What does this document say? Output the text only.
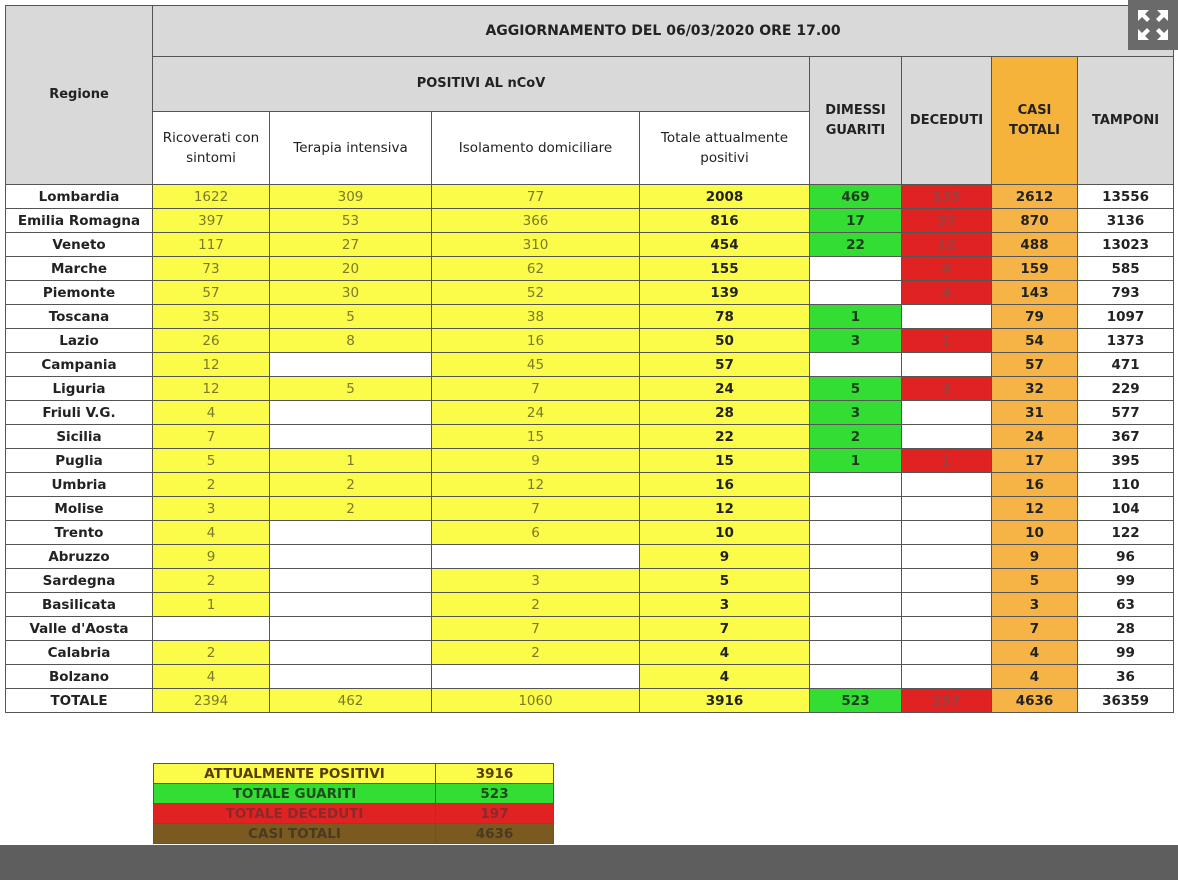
Regione	AGGIORNAMENTO DEL 06/03/2020 ORE 17.00							
	POSITIVI AL nCoV				DIMESSI GUARITI	DECEDUTI	CASI TOTALI	TAMPONI
	Ricoverati con sintomi	Terapia intensiva	Isolamento domiciliare	Totale attualmente positivi				
Lombardia	1622	309	77	2008	469	135	2612	13556
Emilia Romagna	397	53	366	816	17	37	870	3136
Veneto	117	27	310	454	22	12	488	13023
Marche	73	20	62	155		4	159	585
Piemonte	57	30	52	139		4	143	793
Toscana	35	5	38	78	1		79	1097
Lazio	26	8	16	50	3	1	54	1373
Campania	12		45	57			57	471
Liguria	12	5	7	24	5	3	32	229
Friuli V.G.	4		24	28	3		31	577
Sicilia	7		15	22	2		24	367
Puglia	5	1	9	15	1	1	17	395
Umbria	2	2	12	16			16	110
Molise	3	2	7	12			12	104
Trento	4		6	10			10	122
Abruzzo	9			9			9	96
Sardegna	2		3	5			5	99
Basilicata	1		2	3			3	63
Valle d'Aosta			7	7			7	28
Calabria	2		2	4			4	99
Bolzano	4			4			4	36
TOTALE	2394	462	1060	3916	523	197	4636	36359
ATTUALMENTE POSITIVI	3916
TOTALE GUARITI	523
TOTALE DECEDUTI	197
CASI TOTALI	4636
